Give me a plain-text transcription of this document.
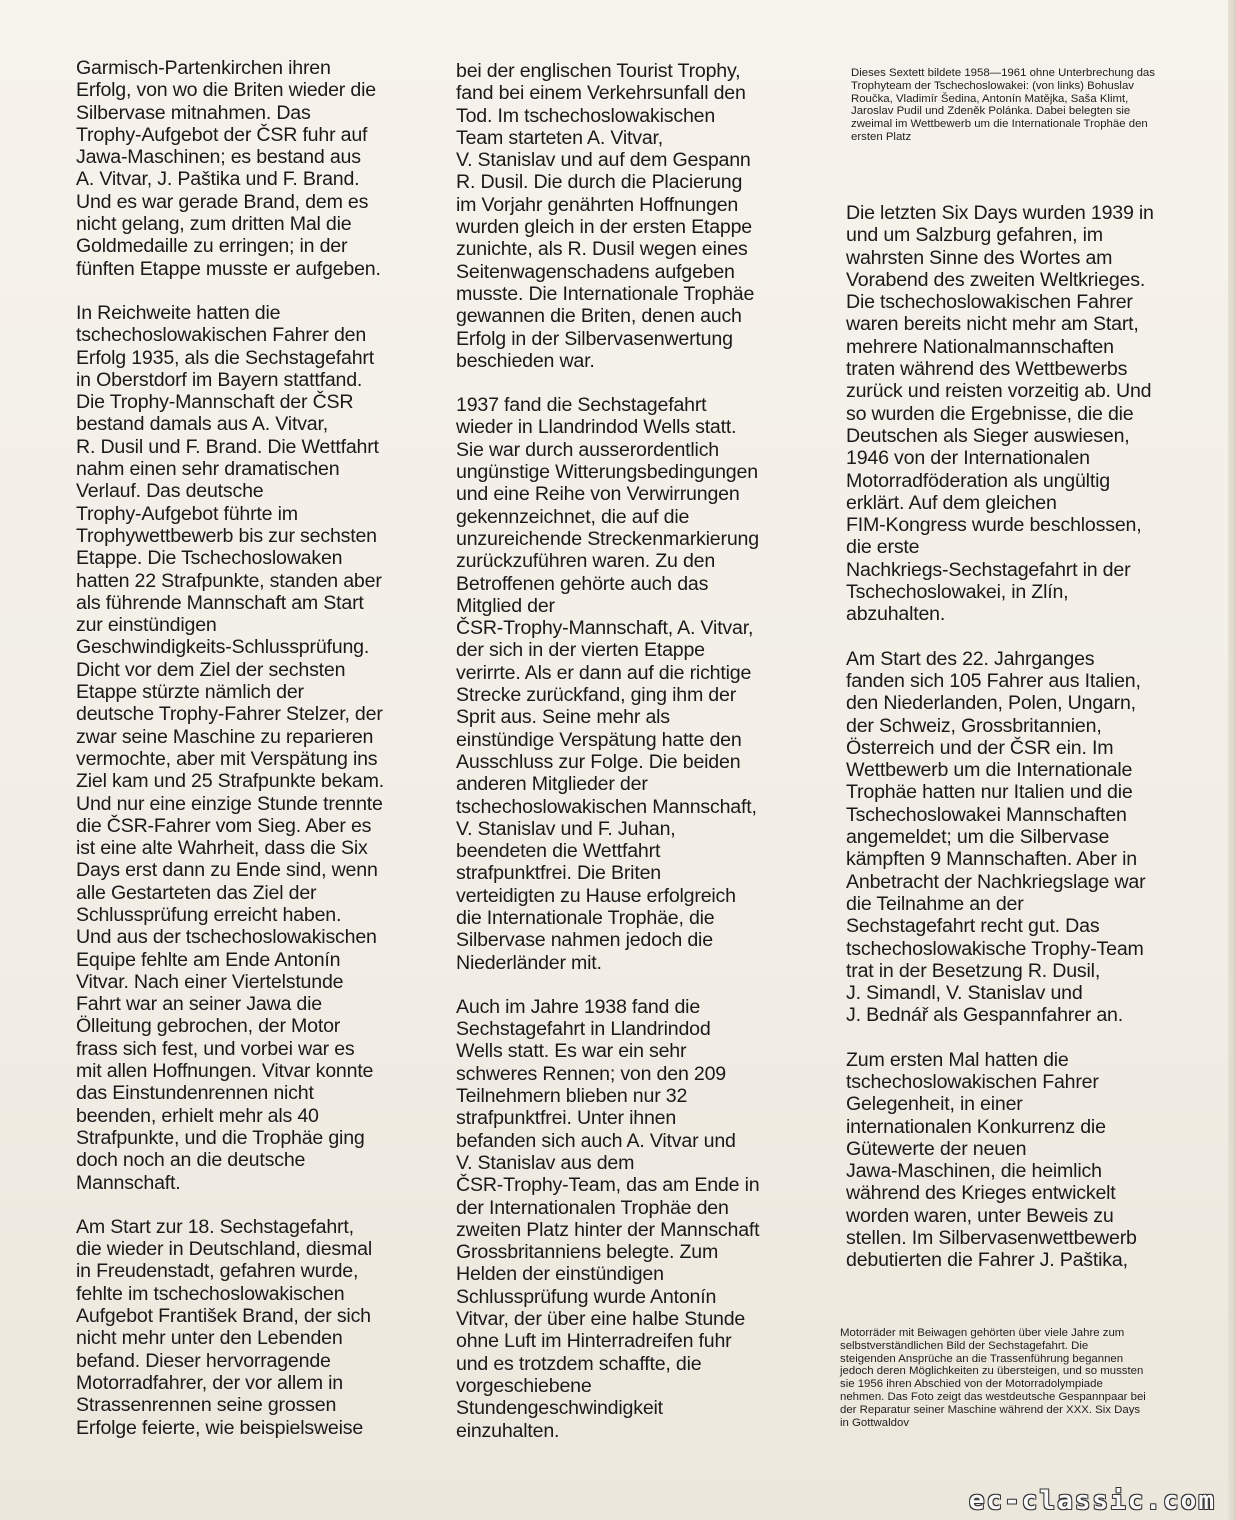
Garmisch-Partenkirchen ihren
Erfolg, von wo die Briten wieder die
Silbervase mitnahmen. Das
Trophy-Aufgebot der ČSR fuhr auf
Jawa-Maschinen; es bestand aus
A. Vitvar, J. Paštika und F. Brand.
Und es war gerade Brand, dem es
nicht gelang, zum dritten Mal die
Goldmedaille zu erringen; in der
fünften Etappe musste er aufgeben.

In Reichweite hatten die
tschechoslowakischen Fahrer den
Erfolg 1935, als die Sechstagefahrt
in Oberstdorf im Bayern stattfand.
Die Trophy-Mannschaft der ČSR
bestand damals aus A. Vitvar,
R. Dusil und F. Brand. Die Wettfahrt
nahm einen sehr dramatischen
Verlauf. Das deutsche
Trophy-Aufgebot führte im
Trophywettbewerb bis zur sechsten
Etappe. Die Tschechoslowaken
hatten 22 Strafpunkte, standen aber
als führende Mannschaft am Start
zur einstündigen
Geschwindigkeits-Schlussprüfung.
Dicht vor dem Ziel der sechsten
Etappe stürzte nämlich der
deutsche Trophy-Fahrer Stelzer, der
zwar seine Maschine zu reparieren
vermochte, aber mit Verspätung ins
Ziel kam und 25 Strafpunkte bekam.
Und nur eine einzige Stunde trennte
die ČSR-Fahrer vom Sieg. Aber es
ist eine alte Wahrheit, dass die Six
Days erst dann zu Ende sind, wenn
alle Gestarteten das Ziel der
Schlussprüfung erreicht haben.
Und aus der tschechoslowakischen
Equipe fehlte am Ende Antonín
Vitvar. Nach einer Viertelstunde
Fahrt war an seiner Jawa die
Ölleitung gebrochen, der Motor
frass sich fest, und vorbei war es
mit allen Hoffnungen. Vitvar konnte
das Einstundenrennen nicht
beenden, erhielt mehr als 40
Strafpunkte, und die Trophäe ging
doch noch an die deutsche
Mannschaft.

Am Start zur 18. Sechstagefahrt,
die wieder in Deutschland, diesmal
in Freudenstadt, gefahren wurde,
fehlte im tschechoslowakischen
Aufgebot František Brand, der sich
nicht mehr unter den Lebenden
befand. Dieser hervorragende
Motorradfahrer, der vor allem in
Strassenrennen seine grossen
Erfolge feierte, wie beispielsweise

bei der englischen Tourist Trophy,
fand bei einem Verkehrsunfall den
Tod. Im tschechoslowakischen
Team starteten A. Vitvar,
V. Stanislav und auf dem Gespann
R. Dusil. Die durch die Placierung
im Vorjahr genährten Hoffnungen
wurden gleich in der ersten Etappe
zunichte, als R. Dusil wegen eines
Seitenwagenschadens aufgeben
musste. Die Internationale Trophäe
gewannen die Briten, denen auch
Erfolg in der Silbervasenwertung
beschieden war.

1937 fand die Sechstagefahrt
wieder in Llandrindod Wells statt.
Sie war durch ausserordentlich
ungünstige Witterungsbedingungen
und eine Reihe von Verwirrungen
gekennzeichnet, die auf die
unzureichende Streckenmarkierung
zurückzuführen waren. Zu den
Betroffenen gehörte auch das
Mitglied der
ČSR-Trophy-Mannschaft, A. Vitvar,
der sich in der vierten Etappe
verirrte. Als er dann auf die richtige
Strecke zurückfand, ging ihm der
Sprit aus. Seine mehr als
einstündige Verspätung hatte den
Ausschluss zur Folge. Die beiden
anderen Mitglieder der
tschechoslowakischen Mannschaft,
V. Stanislav und F. Juhan,
beendeten die Wettfahrt
strafpunktfrei. Die Briten
verteidigten zu Hause erfolgreich
die Internationale Trophäe, die
Silbervase nahmen jedoch die
Niederländer mit.

Auch im Jahre 1938 fand die
Sechstagefahrt in Llandrindod
Wells statt. Es war ein sehr
schweres Rennen; von den 209
Teilnehmern blieben nur 32
strafpunktfrei. Unter ihnen
befanden sich auch A. Vitvar und
V. Stanislav aus dem
ČSR-Trophy-Team, das am Ende in
der Internationalen Trophäe den
zweiten Platz hinter der Mannschaft
Grossbritanniens belegte. Zum
Helden der einstündigen
Schlussprüfung wurde Antonín
Vitvar, der über eine halbe Stunde
ohne Luft im Hinterradreifen fuhr
und es trotzdem schaffte, die
vorgeschiebene
Stundengeschwindigkeit
einzuhalten.

Dieses Sextett bildete 1958—1961 ohne Unterbrechung das
Trophyteam der Tschechoslowakei: (von links) Bohuslav
Roučka, Vladimír Šedina, Antonín Matějka, Saša Klimt,
Jaroslav Pudil und Zdeněk Polánka. Dabei belegten sie
zweimal im Wettbewerb um die Internationale Trophäe den
ersten Platz

Die letzten Six Days wurden 1939 in
und um Salzburg gefahren, im
wahrsten Sinne des Wortes am
Vorabend des zweiten Weltkrieges.
Die tschechoslowakischen Fahrer
waren bereits nicht mehr am Start,
mehrere Nationalmannschaften
traten während des Wettbewerbs
zurück und reisten vorzeitig ab. Und
so wurden die Ergebnisse, die die
Deutschen als Sieger auswiesen,
1946 von der Internationalen
Motorradföderation als ungültig
erklärt. Auf dem gleichen
FIM-Kongress wurde beschlossen,
die erste
Nachkriegs-Sechstagefahrt in der
Tschechoslowakei, in Zlín,
abzuhalten.

Am Start des 22. Jahrganges
fanden sich 105 Fahrer aus Italien,
den Niederlanden, Polen, Ungarn,
der Schweiz, Grossbritannien,
Österreich und der ČSR ein. Im
Wettbewerb um die Internationale
Trophäe hatten nur Italien und die
Tschechoslowakei Mannschaften
angemeldet; um die Silbervase
kämpften 9 Mannschaften. Aber in
Anbetracht der Nachkriegslage war
die Teilnahme an der
Sechstagefahrt recht gut. Das
tschechoslowakische Trophy-Team
trat in der Besetzung R. Dusil,
J. Simandl, V. Stanislav und
J. Bednář als Gespannfahrer an.

Zum ersten Mal hatten die
tschechoslowakischen Fahrer
Gelegenheit, in einer
internationalen Konkurrenz die
Gütewerte der neuen
Jawa-Maschinen, die heimlich
während des Krieges entwickelt
worden waren, unter Beweis zu
stellen. Im Silbervasenwettbewerb
debutierten die Fahrer J. Paštika,

Motorräder mit Beiwagen gehörten über viele Jahre zum
selbstverständlichen Bild der Sechstagefahrt. Die
steigenden Ansprüche an die Trassenführung begannen
jedoch deren Möglichkeiten zu übersteigen, und so mussten
sie 1956 ihren Abschied von der Motorradolympiade
nehmen. Das Foto zeigt das westdeutsche Gespannpaar bei
der Reparatur seiner Maschine während der XXX. Six Days
in Gottwaldov
ec-classic.com
